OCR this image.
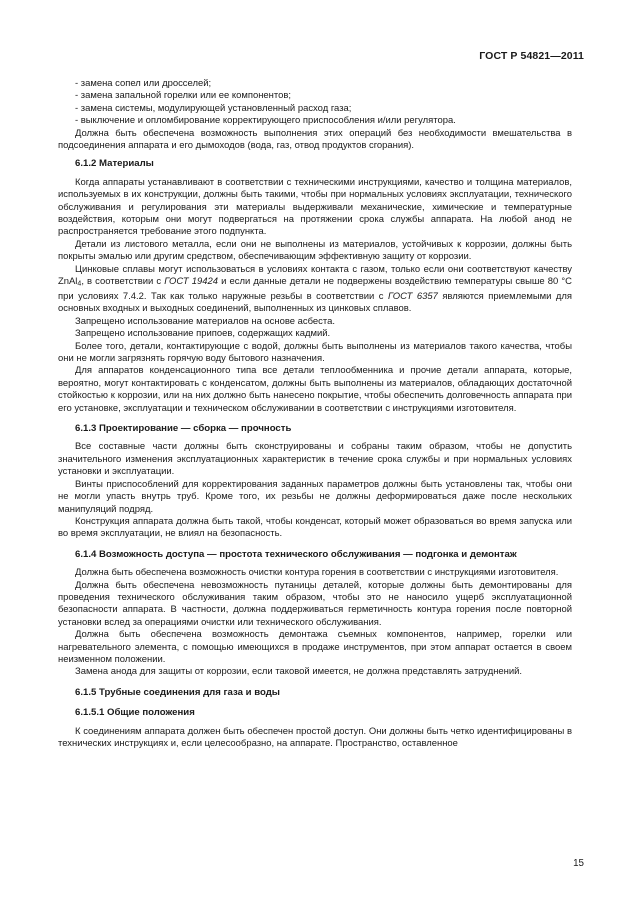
ГОСТ Р 54821—2011
- замена сопел или дросселей;
- замена запальной горелки или ее компонентов;
- замена системы, модулирующей установленный расход газа;
- выключение и опломбирование корректирующего приспособления и/или регулятора.
Должна быть обеспечена возможность выполнения этих операций без необходимости вмешательства в подсоединения аппарата и его дымоходов (вода, газ, отвод продуктов сгорания).
6.1.2 Материалы
Когда аппараты устанавливают в соответствии с техническими инструкциями, качество и толщина материалов, используемых в их конструкции, должны быть такими, чтобы при нормальных условиях эксплуатации, технического обслуживания и регулирования эти материалы выдерживали механические, химические и температурные воздействия, которым они могут подвергаться на протяжении срока службы аппарата. На любой анод не распространяется требование этого подпункта.
Детали из листового металла, если они не выполнены из материалов, устойчивых к коррозии, должны быть покрыты эмалью или другим средством, обеспечивающим эффективную защиту от коррозии.
Цинковые сплавы могут использоваться в условиях контакта с газом, только если они соответствуют качеству ZnAl$_4$, в соответствии с ГОСТ 19424 и если данные детали не подвержены воздействию температуры свыше 80 °С при условиях 7.4.2. Так как только наружные резьбы в соответствии с ГОСТ 6357 являются приемлемыми для основных входных и выходных соединений, выполненных из цинковых сплавов.
Запрещено использование материалов на основе асбеста.
Запрещено использование припоев, содержащих кадмий.
Более того, детали, контактирующие с водой, должны быть выполнены из материалов такого качества, чтобы они не могли загрязнять горячую воду бытового назначения.
Для аппаратов конденсационного типа все детали теплообменника и прочие детали аппарата, которые, вероятно, могут контактировать с конденсатом, должны быть выполнены из материалов, обладающих достаточной стойкостью к коррозии, или на них должно быть нанесено покрытие, чтобы обеспечить долговечность аппарата при его установке, эксплуатации и техническом обслуживании в соответствии с инструкциями изготовителя.
6.1.3 Проектирование — сборка — прочность
Все составные части должны быть сконструированы и собраны таким образом, чтобы не допустить значительного изменения эксплуатационных характеристик в течение срока службы и при нормальных условиях установки и эксплуатации.
Винты приспособлений для корректирования заданных параметров должны быть установлены так, чтобы они не могли упасть внутрь труб. Кроме того, их резьбы не должны деформироваться даже после нескольких манипуляций подряд.
Конструкция аппарата должна быть такой, чтобы конденсат, который может образоваться во время запуска или во время эксплуатации, не влиял на безопасность.
6.1.4 Возможность доступа — простота технического обслуживания — подгонка и демонтаж
Должна быть обеспечена возможность очистки контура горения в соответствии с инструкциями изготовителя.
Должна быть обеспечена невозможность путаницы деталей, которые должны быть демонтированы для проведения технического обслуживания таким образом, чтобы это не наносило ущерб эксплуатационной безопасности аппарата. В частности, должна поддерживаться герметичность контура горения после повторной установки вслед за операциями очистки или технического обслуживания.
Должна быть обеспечена возможность демонтажа съемных компонентов, например, горелки или нагревательного элемента, с помощью имеющихся в продаже инструментов, при этом аппарат остается в своем неизменном положении.
Замена анода для защиты от коррозии, если таковой имеется, не должна представлять затруднений.
6.1.5 Трубные соединения для газа и воды
6.1.5.1 Общие положения
К соединениям аппарата должен быть обеспечен простой доступ. Они должны быть четко идентифицированы в технических инструкциях и, если целесообразно, на аппарате. Пространство, оставленное
15
